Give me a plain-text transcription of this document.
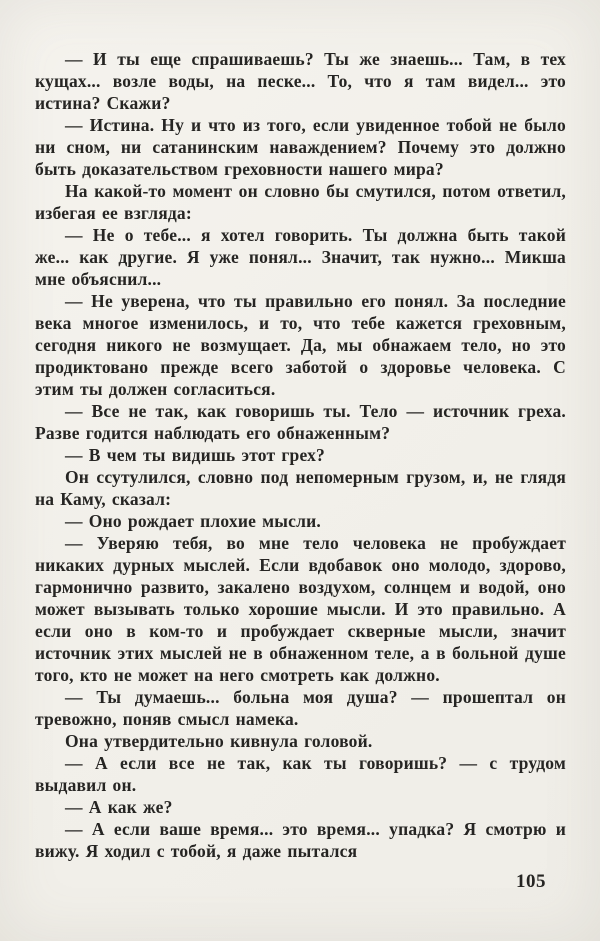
— И ты еще спрашиваешь? Ты же знаешь... Там, в тех кущах... возле воды, на песке... То, что я там видел... это истина? Скажи?

— Истина. Ну и что из того, если увиденное тобой не было ни сном, ни сатанинским наваждением? Почему это должно быть доказательством греховности нашего мира?

На какой-то момент он словно бы смутился, потом ответил, избегая ее взгляда:

— Не о тебе... я хотел говорить. Ты должна быть такой же... как другие. Я уже понял... Значит, так нужно... Микша мне объяснил...

— Не уверена, что ты правильно его понял. За последние века многое изменилось, и то, что тебе кажется греховным, сегодня никого не возмущает. Да, мы обнажаем тело, но это продиктовано прежде всего заботой о здоровье человека. С этим ты должен согласиться.

— Все не так, как говоришь ты. Тело — источник греха. Разве годится наблюдать его обнаженным?

— В чем ты видишь этот грех?

Он ссутулился, словно под непомерным грузом, и, не глядя на Каму, сказал:

— Оно рождает плохие мысли.

— Уверяю тебя, во мне тело человека не пробуждает никаких дурных мыслей. Если вдобавок оно молодо, здорово, гармонично развито, закалено воздухом, солнцем и водой, оно может вызывать только хорошие мысли. И это правильно. А если оно в ком-то и пробуждает скверные мысли, значит источник этих мыслей не в обнаженном теле, а в больной душе того, кто не может на него смотреть как должно.

— Ты думаешь... больна моя душа? — прошептал он тревожно, поняв смысл намека.

Она утвердительно кивнула головой.

— А если все не так, как ты говоришь? — с трудом выдавил он.

— А как же?

— А если ваше время... это время... упадка? Я смотрю и вижу. Я ходил с тобой, я даже пытался

105
